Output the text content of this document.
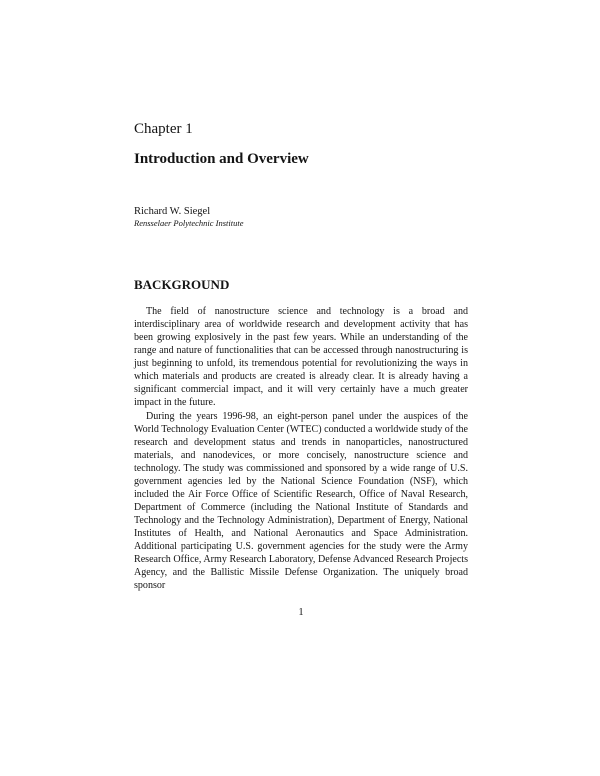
Chapter 1
Introduction and Overview
Richard W. Siegel
Rensselaer Polytechnic Institute
BACKGROUND

The field of nanostructure science and technology is a broad and interdisciplinary area of worldwide research and development activity that has been growing explosively in the past few years. While an understanding of the range and nature of functionalities that can be accessed through nanostructuring is just beginning to unfold, its tremendous potential for revolutionizing the ways in which materials and products are created is already clear. It is already having a significant commercial impact, and it will very certainly have a much greater impact in the future.

During the years 1996-98, an eight-person panel under the auspices of the World Technology Evaluation Center (WTEC) conducted a worldwide study of the research and development status and trends in nanoparticles, nanostructured materials, and nanodevices, or more concisely, nanostructure science and technology. The study was commissioned and sponsored by a wide range of U.S. government agencies led by the National Science Foundation (NSF), which included the Air Force Office of Scientific Research, Office of Naval Research, Department of Commerce (including the National Institute of Standards and Technology and the Technology Administration), Department of Energy, National Institutes of Health, and National Aeronautics and Space Administration. Additional participating U.S. government agencies for the study were the Army Research Office, Army Research Laboratory, Defense Advanced Research Projects Agency, and the Ballistic Missile Defense Organization. The uniquely broad sponsor

1
